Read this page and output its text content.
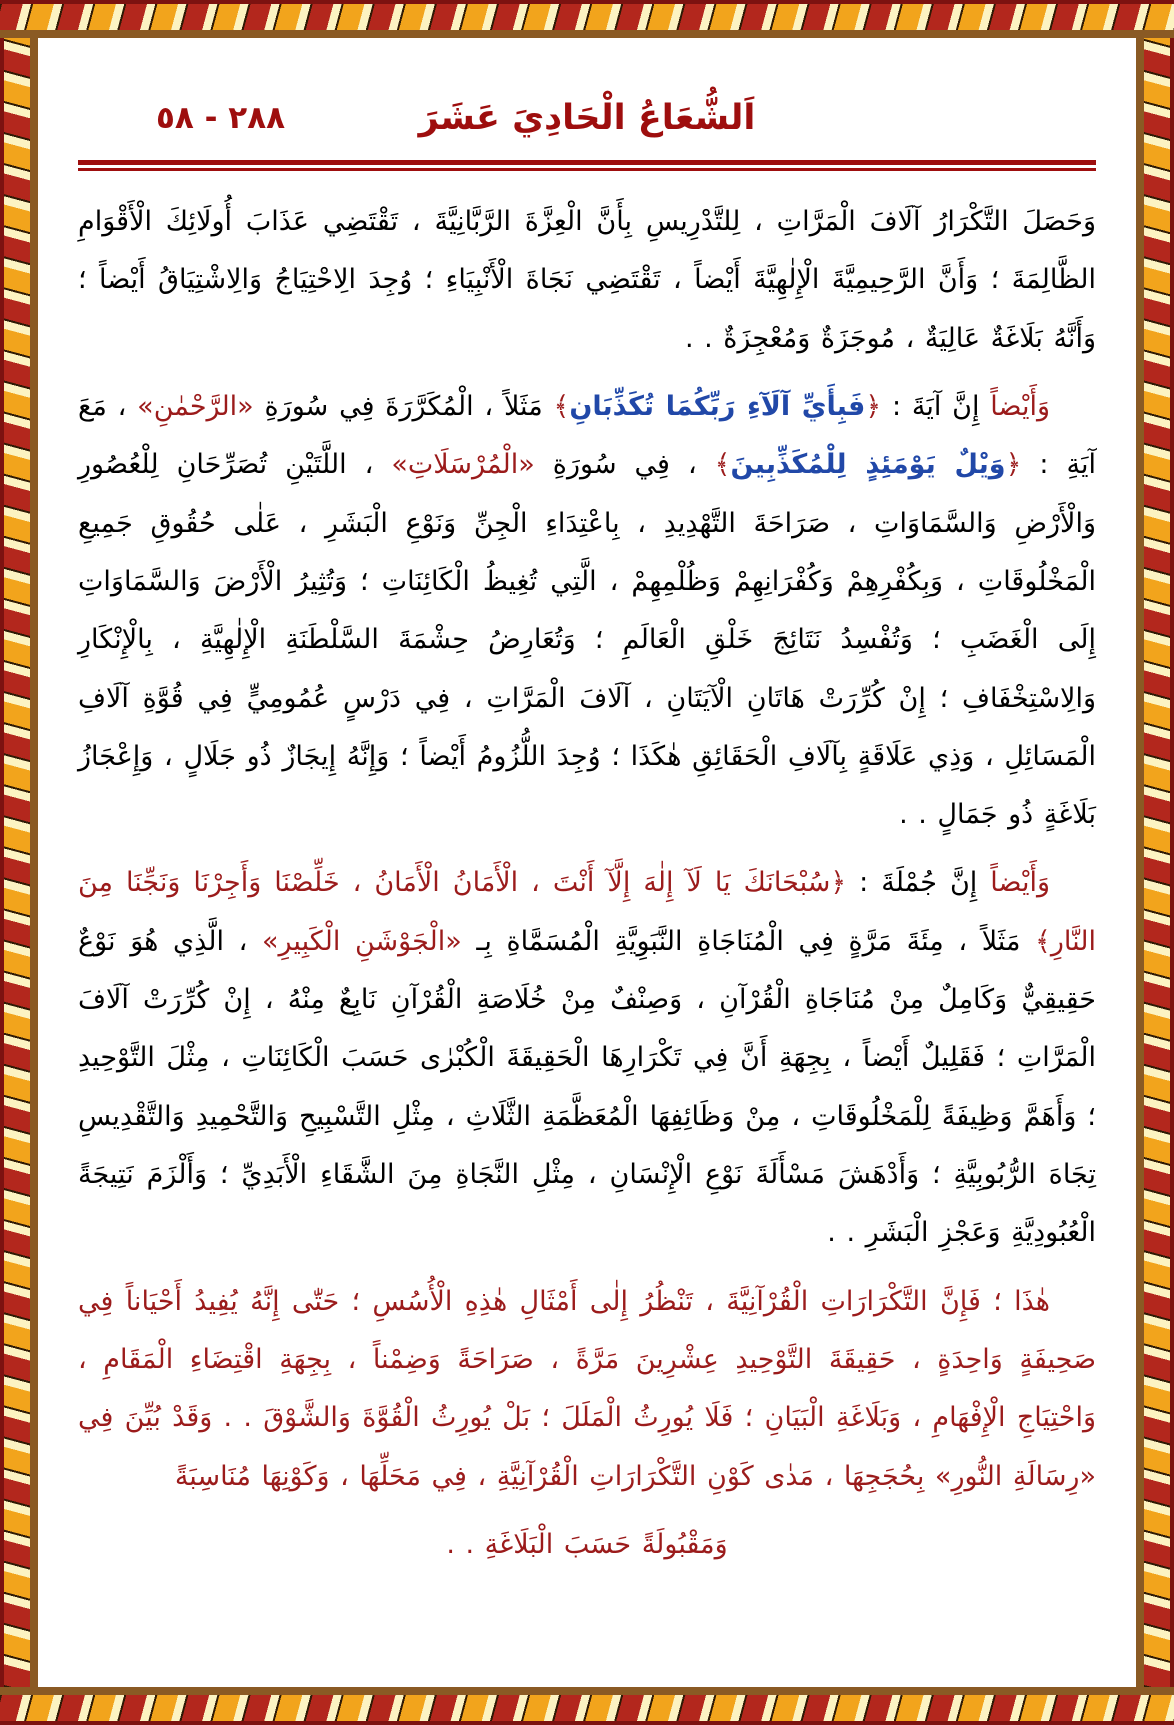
اَلشُّعَاعُ الْحَادِيَ عَشَرَ
٢٨٨ - ٥٨

وَحَصَلَ التَّكْرَارُ آلَافَ الْمَرَّاتِ ، لِلتَّدْرِيسِ بِأَنَّ الْعِزَّةَ الرَّبَّانِيَّةَ ، تَقْتَضِي عَذَابَ أُولَائِكَ الْأَقْوَامِ الظَّالِمَةَ ؛ وَأَنَّ الرَّحِيمِيَّةَ الْإِلٰهِيَّةَ أَيْضاً ، تَقْتَضِي نَجَاةَ الْأَنْبِيَاءِ ؛ وُجِدَ الِاحْتِيَاجُ وَالِاشْتِيَاقُ أَيْضاً ؛ وَأَنَّهُ بَلَاغَةٌ عَالِيَةٌ ، مُوجَزَةٌ وَمُعْجِزَةٌ . .

وَأَيْضاً إِنَّ آيَةَ : ﴿فَبِأَيِّ آلَآءِ رَبِّكُمَا تُكَذِّبَانِ﴾ مَثَلاً ، الْمُكَرَّرَةَ فِي سُورَةِ «الرَّحْمٰنِ» ، مَعَ آيَةِ : ﴿وَيْلٌ يَوْمَئِذٍ لِلْمُكَذِّبِينَ﴾ ، فِي سُورَةِ «الْمُرْسَلَاتِ» ، اللَّتَيْنِ تُصَرِّحَانِ لِلْعُصُورِ وَالْأَرْضِ وَالسَّمَاوَاتِ ، صَرَاحَةَ التَّهْدِيدِ ، بِاعْتِدَاءِ الْجِنِّ وَنَوْعِ الْبَشَرِ ، عَلٰى حُقُوقِ جَمِيعِ الْمَخْلُوقَاتِ ، وَبِكُفْرِهِمْ وَكُفْرَانِهِمْ وَظُلْمِهِمْ ، الَّتِي تُغِيظُ الْكَائِنَاتِ ؛ وَتُثِيرُ الْأَرْضَ وَالسَّمَاوَاتِ إِلَى الْغَضَبِ ؛ وَتُفْسِدُ نَتَائِجَ خَلْقِ الْعَالَمِ ؛ وَتُعَارِضُ حِشْمَةَ السَّلْطَنَةِ الْإِلٰهِيَّةِ ، بِالْإِنْكَارِ وَالِاسْتِخْفَافِ ؛ إِنْ كُرِّرَتْ هَاتَانِ الْآيَتَانِ ، آلَافَ الْمَرَّاتِ ، فِي دَرْسٍ عُمُومِيٍّ فِي قُوَّةِ آلَافِ الْمَسَائِلِ ، وَذِي عَلَاقَةٍ بِآلَافِ الْحَقَائِقِ هٰكَذَا ؛ وُجِدَ اللُّزُومُ أَيْضاً ؛ وَإِنَّهُ إِيجَازٌ ذُو جَلَالٍ ، وَإِعْجَازُ بَلَاغَةٍ ذُو جَمَالٍ . .

وَأَيْضاً إِنَّ جُمْلَةَ : ﴿سُبْحَانَكَ يَا لَآ إِلٰهَ إِلَّآ أَنْتَ ، الْأَمَانُ الْأَمَانُ ، خَلِّصْنَا وَأَجِرْنَا وَنَجِّنَا مِنَ النَّارِ﴾ مَثَلاً ، مِئَةَ مَرَّةٍ فِي الْمُنَاجَاةِ النَّبَوِيَّةِ الْمُسَمَّاةِ بِـ «الْجَوْشَنِ الْكَبِيرِ» ، الَّذِي هُوَ نَوْعٌ حَقِيقِيٌّ وَكَامِلٌ مِنْ مُنَاجَاةِ الْقُرْآنِ ، وَصِنْفٌ مِنْ خُلَاصَةِ الْقُرْآنِ نَابِعٌ مِنْهُ ، إِنْ كُرِّرَتْ آلَافَ الْمَرَّاتِ ؛ فَقَلِيلٌ أَيْضاً ، بِجِهَةِ أَنَّ فِي تَكْرَارِهَا الْحَقِيقَةَ الْكُبْرٰى حَسَبَ الْكَائِنَاتِ ، مِثْلَ التَّوْحِيدِ ؛ وَأَهَمَّ وَظِيفَةً لِلْمَخْلُوقَاتِ ، مِنْ وَظَائِفِهَا الْمُعَظَّمَةِ الثَّلَاثِ ، مِثْلِ التَّسْبِيحِ وَالتَّحْمِيدِ وَالتَّقْدِيسِ تِجَاهَ الرُّبُوبِيَّةِ ؛ وَأَدْهَشَ مَسْأَلَةَ نَوْعِ الْإِنْسَانِ ، مِثْلِ النَّجَاةِ مِنَ الشَّقَاءِ الْأَبَدِيِّ ؛ وَأَلْزَمَ نَتِيجَةً الْعُبُودِيَّةِ وَعَجْزِ الْبَشَرِ . .

هٰذَا ؛ فَإِنَّ التَّكْرَارَاتِ الْقُرْآنِيَّةَ ، تَنْظُرُ إِلٰى أَمْثَالِ هٰذِهِ الْأُسُسِ ؛ حَتّٰى إِنَّهُ يُفِيدُ أَحْيَاناً فِي صَحِيفَةٍ وَاحِدَةٍ ، حَقِيقَةَ التَّوْحِيدِ عِشْرِينَ مَرَّةً ، صَرَاحَةً وَضِمْناً ، بِجِهَةِ اقْتِضَاءِ الْمَقَامِ ، وَاحْتِيَاجِ الْإِفْهَامِ ، وَبَلَاغَةِ الْبَيَانِ ؛ فَلَا يُورِثُ الْمَلَلَ ؛ بَلْ يُورِثُ الْقُوَّةَ وَالشَّوْقَ . . وَقَدْ بُيِّنَ فِي «رِسَالَةِ النُّورِ» بِحُجَجِهَا ، مَدٰى كَوْنِ التَّكْرَارَاتِ الْقُرْآنِيَّةِ ، فِي مَحَلِّهَا ، وَكَوْنِهَا مُنَاسِبَةً

وَمَقْبُولَةً حَسَبَ الْبَلَاغَةِ . .
